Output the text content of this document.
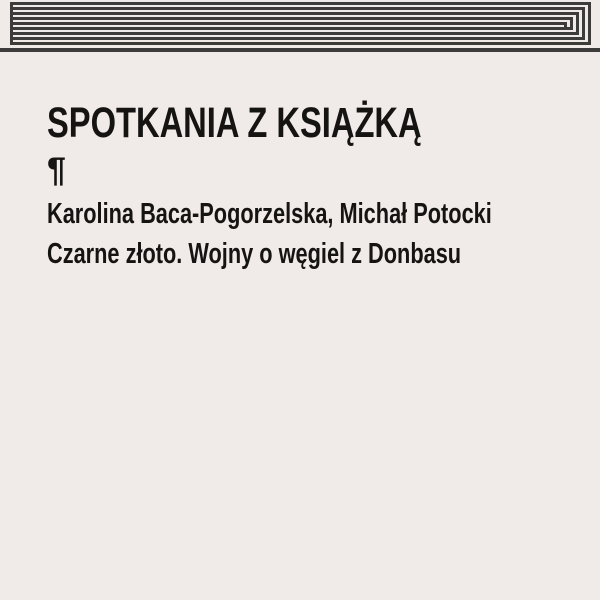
SPOTKANIA Z KSIĄŻKĄ
¶
Karolina Baca-Pogorzelska, Michał Potocki
Czarne złoto. Wojny o węgiel z Donbasu
